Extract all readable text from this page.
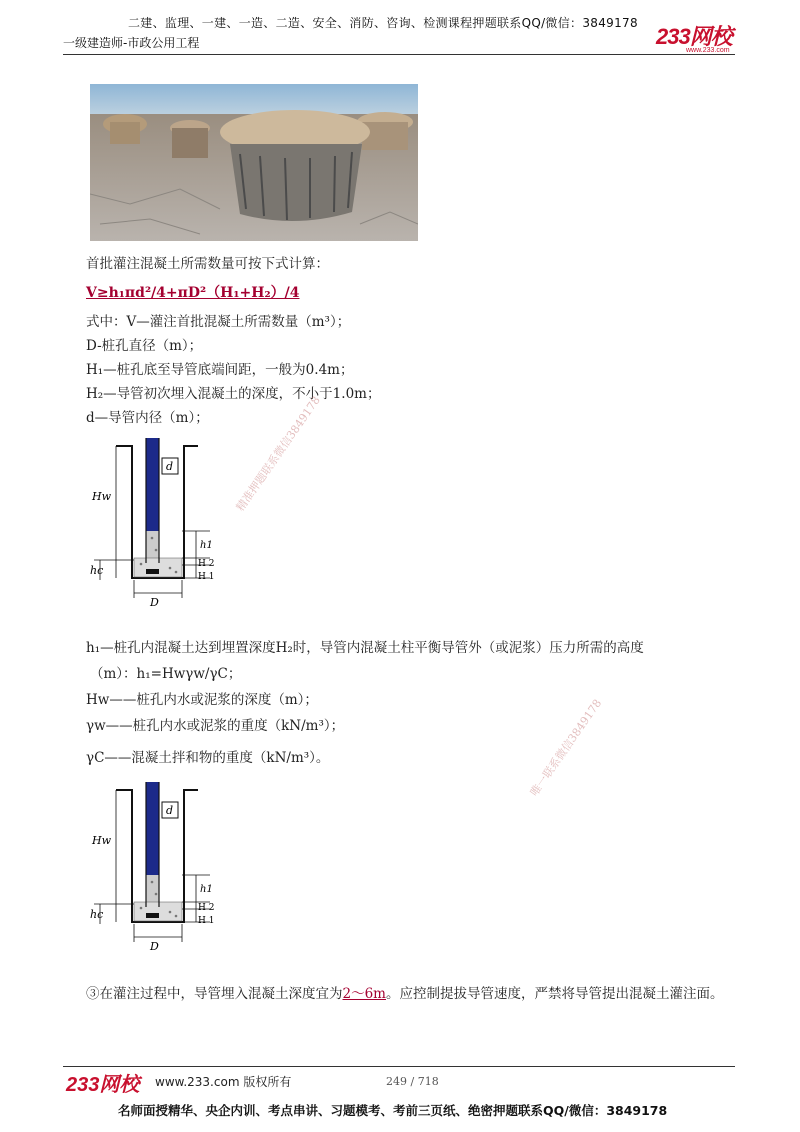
二建、监理、一建、一造、二造、安全、消防、咨询、检测课程押题联系QQ/微信：3849178
一级建造师-市政公用工程	233网校
www.233.com
首批灌注混凝土所需数量可按下式计算：
V≥h₁πd²/4+πD²（H₁+H₂）/4
式中：V—灌注首批混凝土所需数量（m³）；
D-桩孔直径（m）；
H₁—桩孔底至导管底端间距，一般为0.4m；
H₂—导管初次埋入混凝土的深度，不小于1.0m；
d—导管内径（m）； 精准押题联系微信3849178
d
Hw
h1
H 2
H 1
hc
D
h₁—桩孔内混凝土达到埋置深度H₂时，导管内混凝土柱平衡导管外（或泥浆）压力所需的高度
（m）：h₁=Hwγw/γC；
Hw——桩孔内水或泥浆的深度（m）；
γw——桩孔内水或泥浆的重度（kN/m³）；
γC——混凝土拌和物的重度（kN/m³）。	唯一联系微信3849178
d
Hw
h1
H 2
H 1
hc
D
③在灌注过程中，导管埋入混凝土深度宜为2～6m。应控制提拔导管速度，严禁将导管提出混凝土灌注面。
233网校 www.233.com 版权所有	249 / 718
名师面授精华、央企内训、考点串讲、习题模考、考前三页纸、绝密押题联系QQ/微信：3849178
